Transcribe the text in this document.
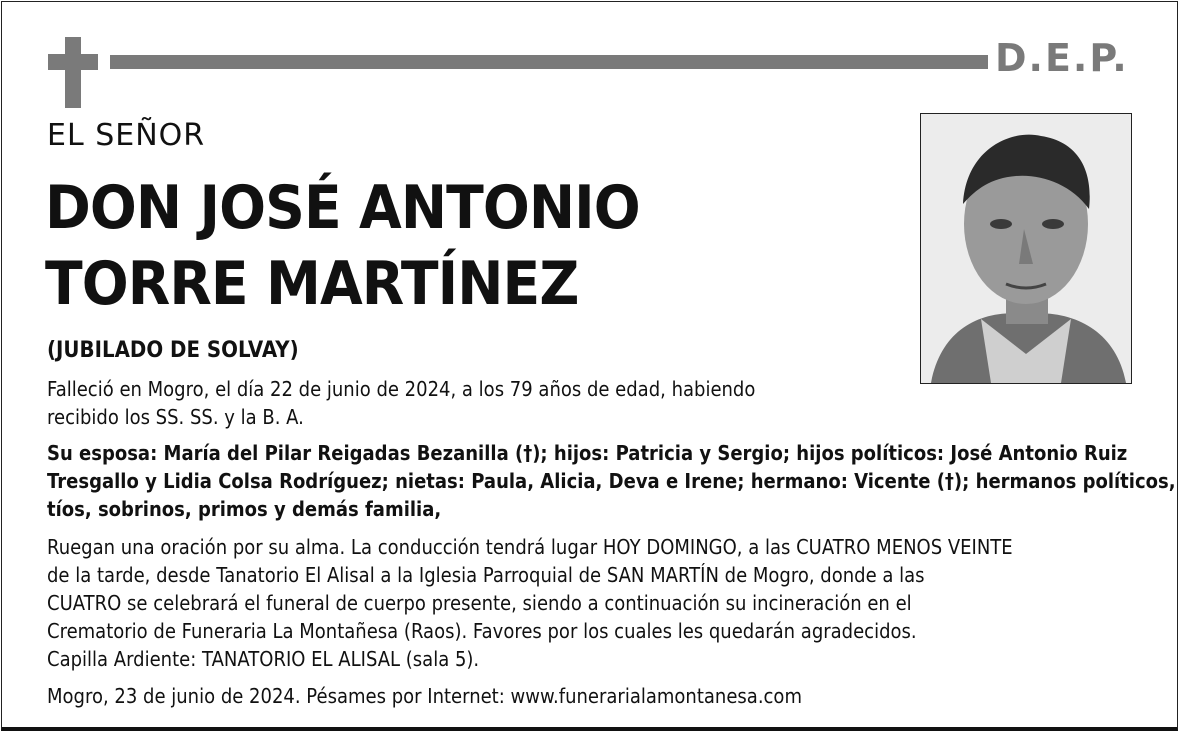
D.E.P.
EL SEÑOR
DON JOSÉ ANTONIO
TORRE MARTÍNEZ
(JUBILADO DE SOLVAY)
Falleció en Mogro, el día 22 de junio de 2024, a los 79 años de edad, habiendo
recibido los SS. SS. y la B. A.
Su esposa: María del Pilar Reigadas Bezanilla (†); hijos: Patricia y Sergio; hijos políticos: José Antonio Ruiz
Tresgallo y Lidia Colsa Rodríguez; nietas: Paula, Alicia, Deva e Irene; hermano: Vicente (†); hermanos políticos,
tíos, sobrinos, primos y demás familia,
Ruegan una oración por su alma. La conducción tendrá lugar HOY DOMINGO, a las CUATRO MENOS VEINTE
de la tarde, desde Tanatorio El Alisal a la Iglesia Parroquial de SAN MARTÍN de Mogro, donde a las
CUATRO se celebrará el funeral de cuerpo presente, siendo a continuación su incineración en el
Crematorio de Funeraria La Montañesa (Raos). Favores por los cuales les quedarán agradecidos.
Capilla Ardiente: TANATORIO EL ALISAL (sala 5).
Mogro, 23 de junio de 2024. Pésames por Internet: www.funerarialamontanesa.com
